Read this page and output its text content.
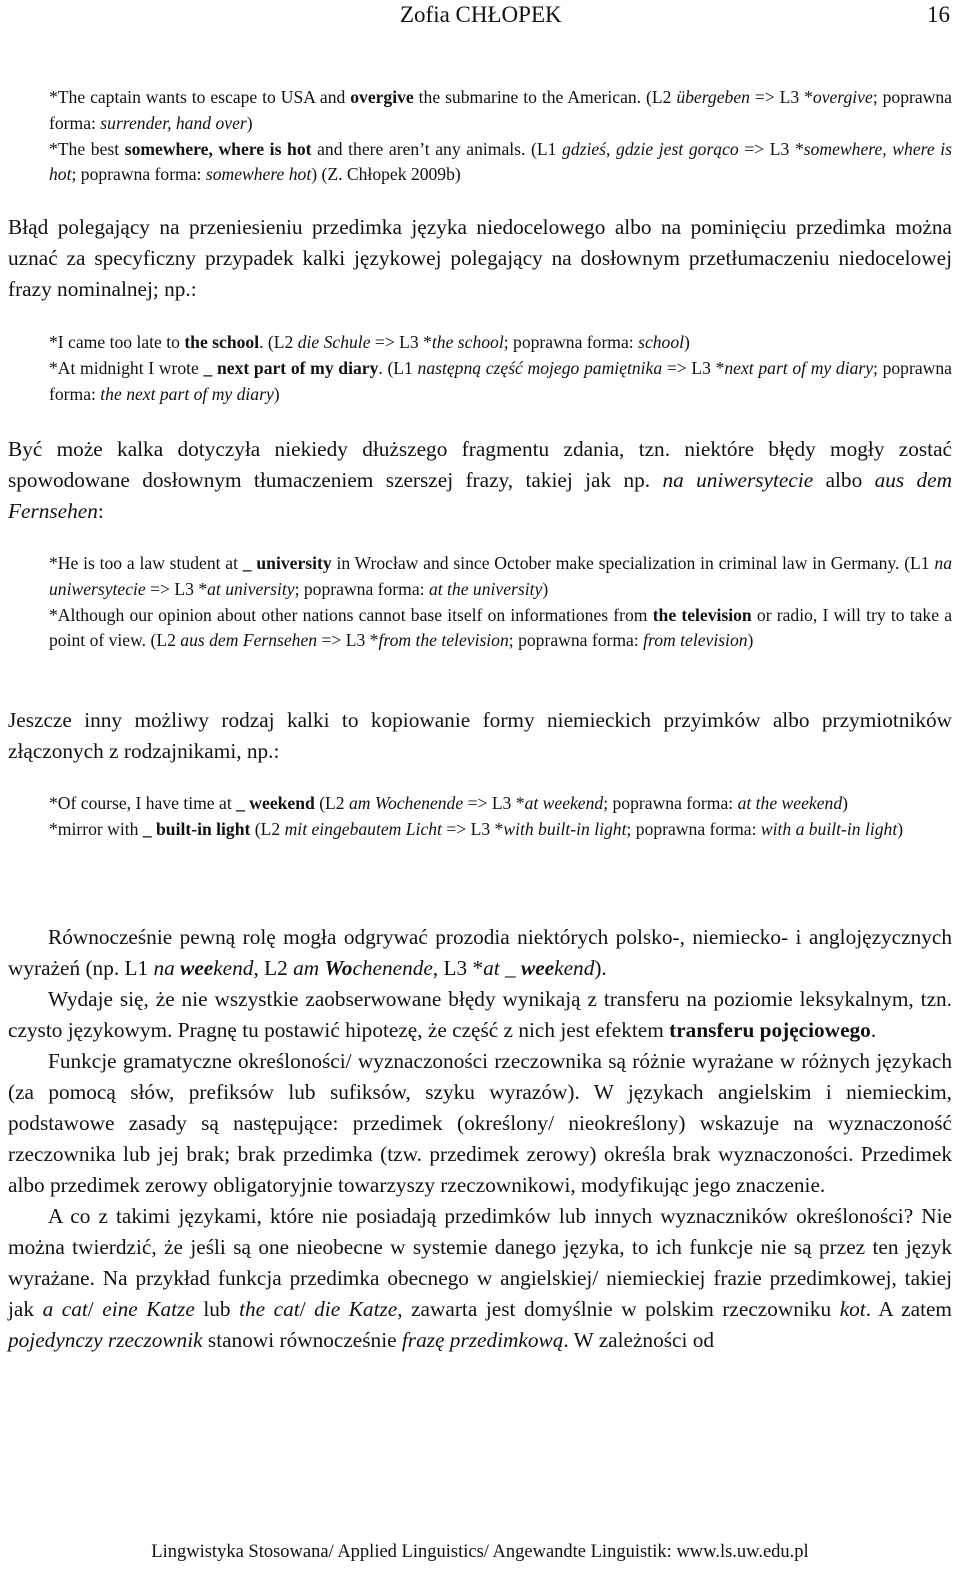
Zofia CHŁOPEK	16

*The captain wants to escape to USA and overgive the submarine to the American. (L2 übergeben => L3 *overgive; poprawna forma: surrender, hand over)

*The best somewhere, where is hot and there aren’t any animals. (L1 gdzieś, gdzie jest gorąco => L3 *somewhere, where is hot; poprawna forma: somewhere hot) (Z. Chłopek 2009b)

Błąd polegający na przeniesieniu przedimka języka niedocelowego albo na pominięciu przedimka można uznać za specyficzny przypadek kalki językowej polegający na dosłownym przetłumaczeniu niedocelowej frazy nominalnej; np.:

*I came too late to the school. (L2 die Schule => L3 *the school; poprawna forma: school)

*At midnight I wrote _ next part of my diary. (L1 następną część mojego pamiętnika => L3 *next part of my diary; poprawna forma: the next part of my diary)

Być może kalka dotyczyła niekiedy dłuższego fragmentu zdania, tzn. niektóre błędy mogły zostać spowodowane dosłownym tłumaczeniem szerszej frazy, takiej jak np. na uniwersytecie albo aus dem Fernsehen:

*He is too a law student at _ university in Wrocław and since October make specialization in criminal law in Germany. (L1 na uniwersytecie => L3 *at university; poprawna forma: at the university)

*Although our opinion about other nations cannot base itself on informationes from the television or radio, I will try to take a point of view. (L2 aus dem Fernsehen => L3 *from the television; poprawna forma: from television)

Jeszcze inny możliwy rodzaj kalki to kopiowanie formy niemieckich przyimków albo przymiotników złączonych z rodzajnikami, np.:

*Of course, I have time at _ weekend (L2 am Wochenende => L3 *at weekend; poprawna forma: at the weekend)

*mirror with _ built-in light (L2 mit eingebautem Licht => L3 *with built-in light; poprawna forma: with a built-in light)

Równocześnie pewną rolę mogła odgrywać prozodia niektórych polsko-, niemiecko- i anglojęzycznych wyrażeń (np. L1 na weekend, L2 am Wochenende, L3 *at _ weekend).

Wydaje się, że nie wszystkie zaobserwowane błędy wynikają z transferu na poziomie leksykalnym, tzn. czysto językowym. Pragnę tu postawić hipotezę, że część z nich jest efektem transferu pojęciowego.

Funkcje gramatyczne określoności/ wyznaczoności rzeczownika są różnie wyrażane w różnych językach (za pomocą słów, prefiksów lub sufiksów, szyku wyrazów). W językach angielskim i niemieckim, podstawowe zasady są następujące: przedimek (określony/ nieokreślony) wskazuje na wyznaczoność rzeczownika lub jej brak; brak przedimka (tzw. przedimek zerowy) określa brak wyznaczoności. Przedimek albo przedimek zerowy obligatoryjnie towarzyszy rzeczownikowi, modyfikując jego znaczenie.

A co z takimi językami, które nie posiadają przedimków lub innych wyznaczników określoności? Nie można twierdzić, że jeśli są one nieobecne w systemie danego języka, to ich funkcje nie są przez ten język wyrażane. Na przykład funkcja przedimka obecnego w angielskiej/ niemieckiej frazie przedimkowej, takiej jak a cat/ eine Katze lub the cat/ die Katze, zawarta jest domyślnie w polskim rzeczowniku kot. A zatem pojedynczy rzeczownik stanowi równocześnie frazę przedimkową. W zależności od

Lingwistyka Stosowana/ Applied Linguistics/ Angewandte Linguistik: www.ls.uw.edu.pl
